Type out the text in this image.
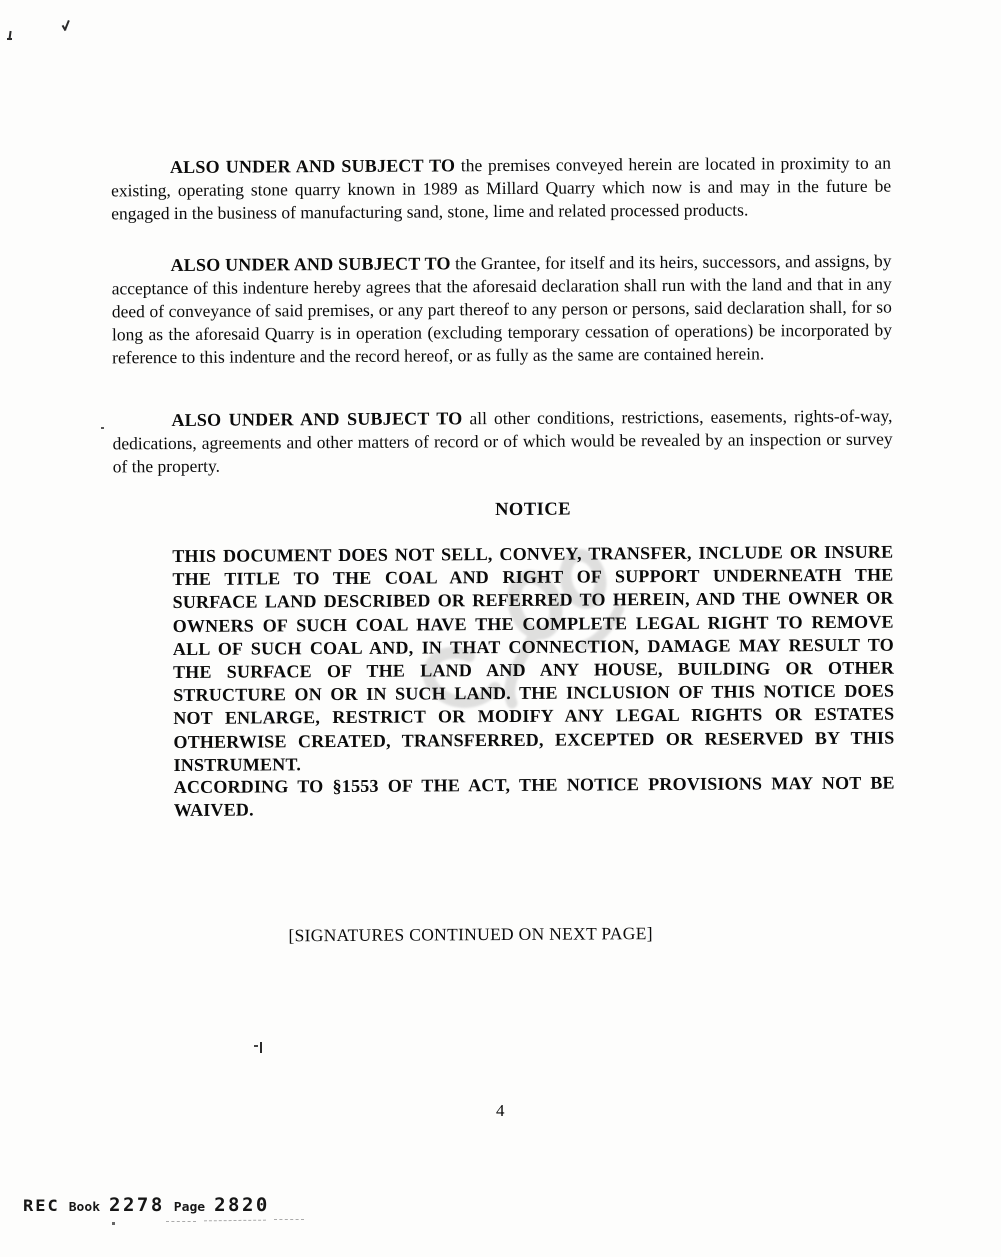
ALSO UNDER AND SUBJECT TO the premises conveyed herein are located in proximity to an existing, operating stone quarry known in 1989 as Millard Quarry which now is and may in the future be engaged in the business of manufacturing sand, stone, lime and related processed products.

ALSO UNDER AND SUBJECT TO the Grantee, for itself and its heirs, successors, and assigns, by acceptance of this indenture hereby agrees that the aforesaid declaration shall run with the land and that in any deed of conveyance of said premises, or any part thereof to any person or persons, said declaration shall, for so long as the aforesaid Quarry is in operation (excluding temporary cessation of operations) be incorporated by reference to this indenture and the record hereof, or as fully as the same are contained herein.

ALSO UNDER AND SUBJECT TO all other conditions, restrictions, easements, rights-of-way, dedications, agreements and other matters of record or of which would be revealed by an inspection or survey of the property.

NOTICE

THIS DOCUMENT DOES NOT SELL, CONVEY, TRANSFER, INCLUDE OR INSURE THE TITLE TO THE COAL AND RIGHT OF SUPPORT UNDERNEATH THE SURFACE LAND DESCRIBED OR REFERRED TO HEREIN, AND THE OWNER OR OWNERS OF SUCH COAL HAVE THE COMPLETE LEGAL RIGHT TO REMOVE ALL OF SUCH COAL AND, IN THAT CONNECTION, DAMAGE MAY RESULT TO THE SURFACE OF THE LAND AND ANY HOUSE, BUILDING OR OTHER STRUCTURE ON OR IN SUCH LAND. THE INCLUSION OF THIS NOTICE DOES NOT ENLARGE, RESTRICT OR MODIFY ANY LEGAL RIGHTS OR ESTATES OTHERWISE CREATED, TRANSFERRED, EXCEPTED OR RESERVED BY THIS INSTRUMENT.

ACCORDING TO §1553 OF THE ACT, THE NOTICE PROVISIONS MAY NOT BE WAIVED.

[SIGNATURES CONTINUED ON NEXT PAGE]

4
REC Book 2278 Page 2820
